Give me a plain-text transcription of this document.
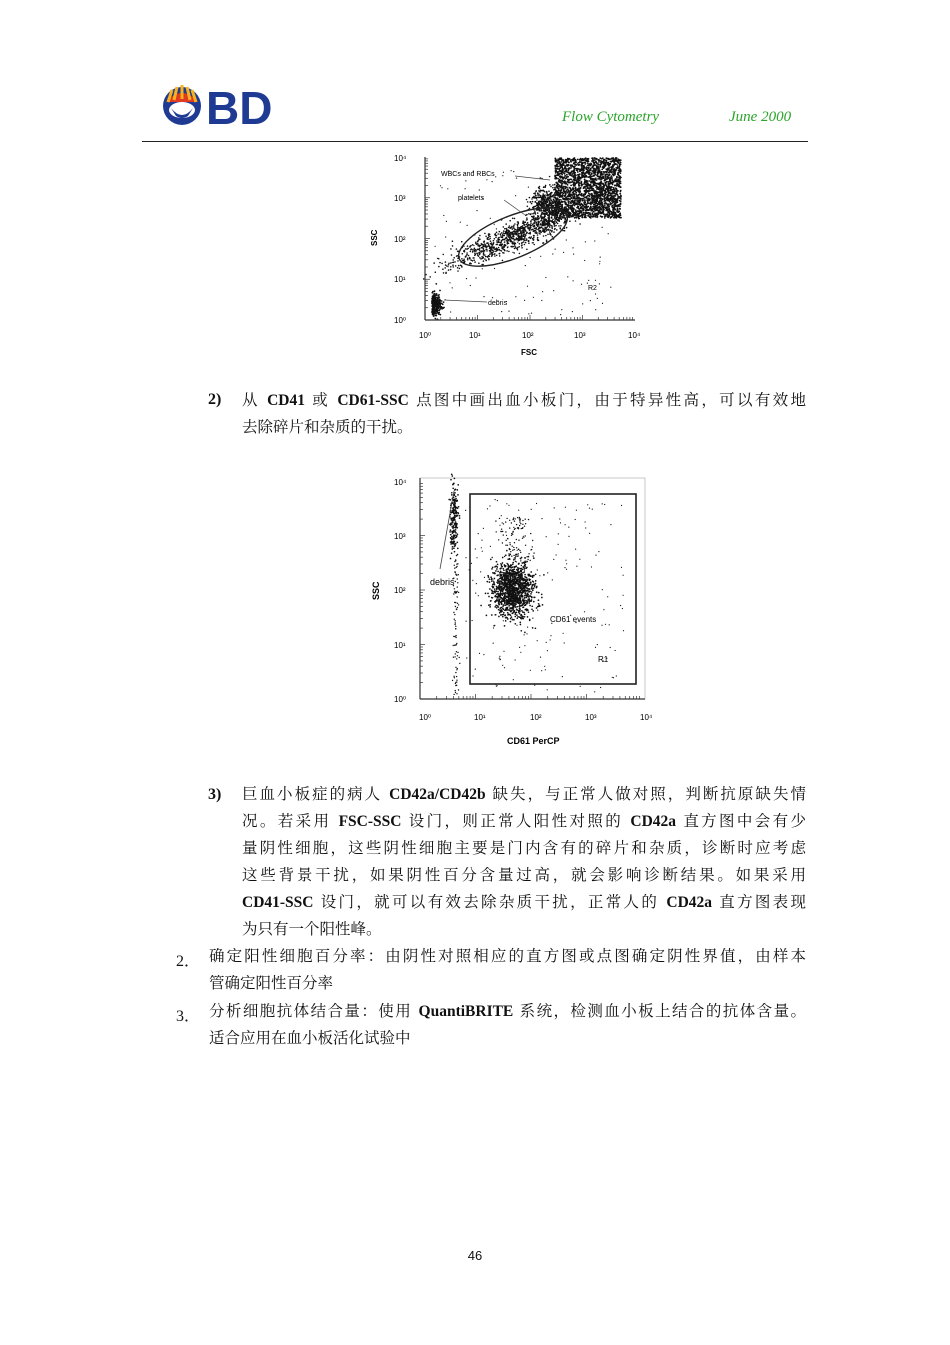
BD	Flow Cytometry	June 2000
10⁴
10³
10²
10¹
10⁰
10⁰	10¹	10²	10³	10⁴
FSC
SSC
WBCs and RBCs
platelets
debris
R2
2) 从 CD41 或 CD61-SSC 点图中画出血小板门，由于特异性高，可以有效地
去除碎片和杂质的干扰。
10⁴
10³
10²
10¹
10⁰
10⁰	10¹	10²	10³	10⁴
CD61 PerCP
SSC	debris
CD61 events
R1
3) 巨血小板症的病人 CD42a/CD42b 缺失，与正常人做对照，判断抗原缺失情
况。若采用 FSC-SSC 设门，则正常人阳性对照的 CD42a 直方图中会有少
量阴性细胞，这些阴性细胞主要是门内含有的碎片和杂质，诊断时应考虑
这些背景干扰，如果阴性百分含量过高，就会影响诊断结果。如果采用
CD41-SSC 设门，就可以有效去除杂质干扰，正常人的 CD42a 直方图表现
为只有一个阳性峰。
2． 确定阳性细胞百分率：由阴性对照相应的直方图或点图确定阴性界值，由样本
管确定阳性百分率
3． 分析细胞抗体结合量：使用 QuantiBRITE 系统，检测血小板上结合的抗体含量。
适合应用在血小板活化试验中
46
